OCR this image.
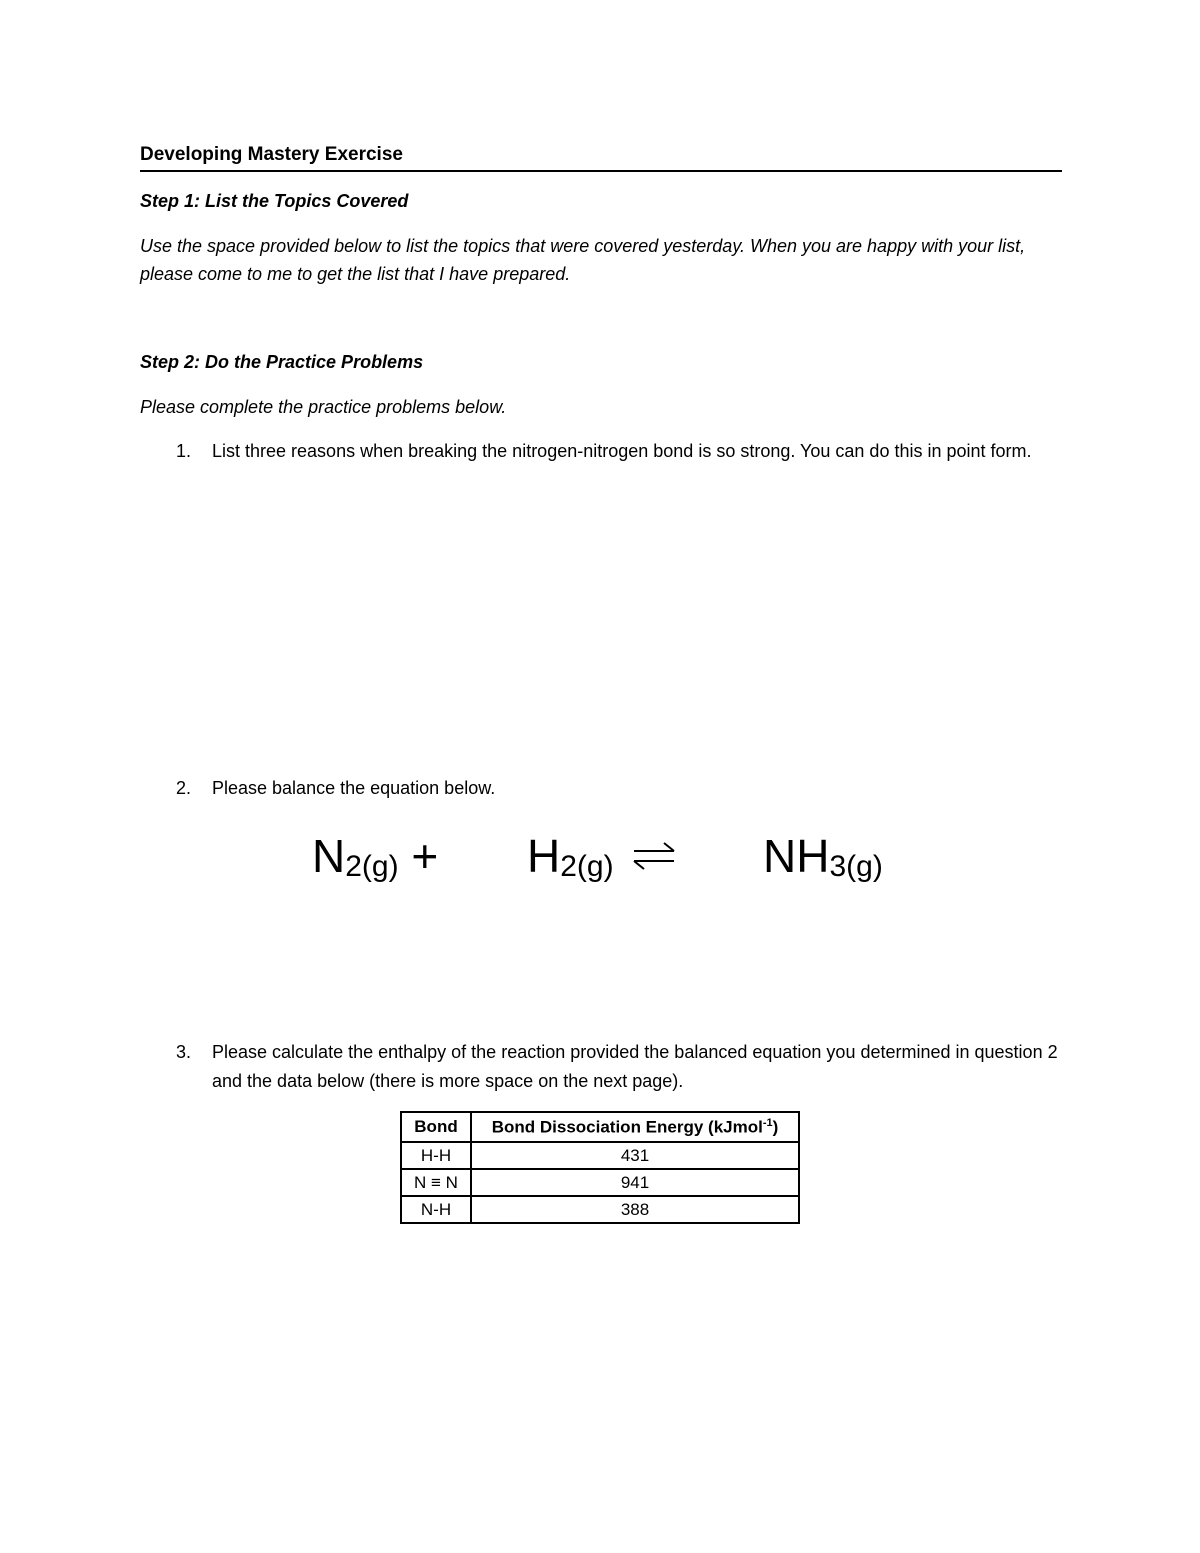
Developing Mastery Exercise
Step 1: List the Topics Covered
Use the space provided below to list the topics that were covered yesterday. When you are happy with your list, please come to me to get the list that I have prepared.
Step 2: Do the Practice Problems
Please complete the practice problems below.
1. List three reasons when breaking the nitrogen-nitrogen bond is so strong. You can do this in point form.
2. Please balance the equation below.
N2(g) + H2(g) ⇌ NH3(g)
3. Please calculate the enthalpy of the reaction provided the balanced equation you determined in question 2 and the data below (there is more space on the next page).
Bond	Bond Dissociation Energy (kJmol$^{-1}$)
H-H	431
N ≡ N	941
N-H	388
